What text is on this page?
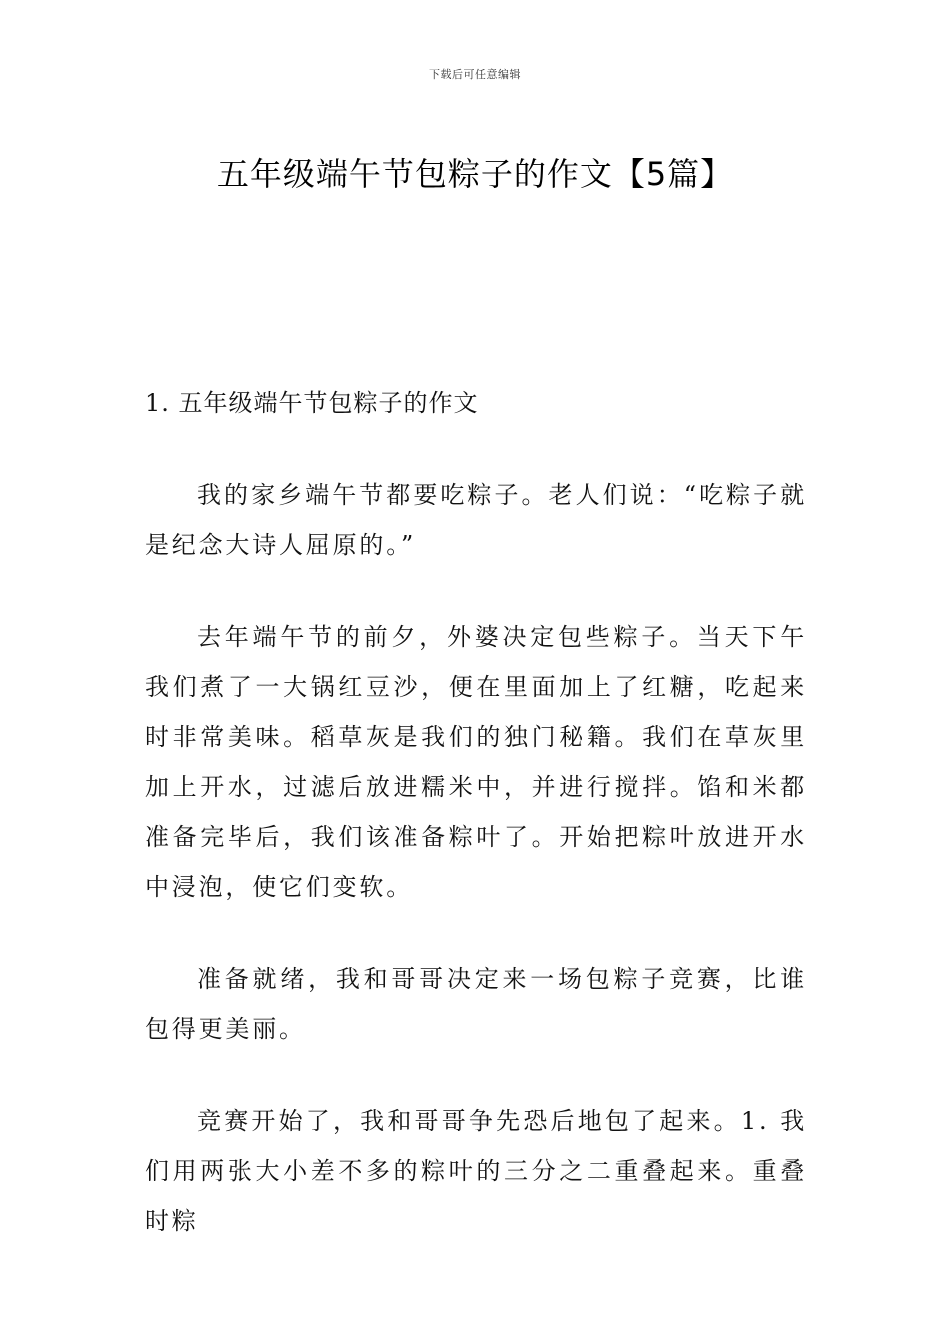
下载后可任意编辑
五年级端午节包粽子的作文【5篇】
1. 五年级端午节包粽子的作文

我的家乡端午节都要吃粽子。老人们说：“吃粽子就是纪念大诗人屈原的。”

去年端午节的前夕，外婆决定包些粽子。当天下午我们煮了一大锅红豆沙，便在里面加上了红糖，吃起来时非常美味。稻草灰是我们的独门秘籍。我们在草灰里加上开水，过滤后放进糯米中，并进行搅拌。馅和米都准备完毕后，我们该准备粽叶了。开始把粽叶放进开水中浸泡，使它们变软。

准备就绪，我和哥哥决定来一场包粽子竞赛，比谁包得更美丽。

竞赛开始了，我和哥哥争先恐后地包了起来。1. 我们用两张大小差不多的粽叶的三分之二重叠起来。重叠时粽
